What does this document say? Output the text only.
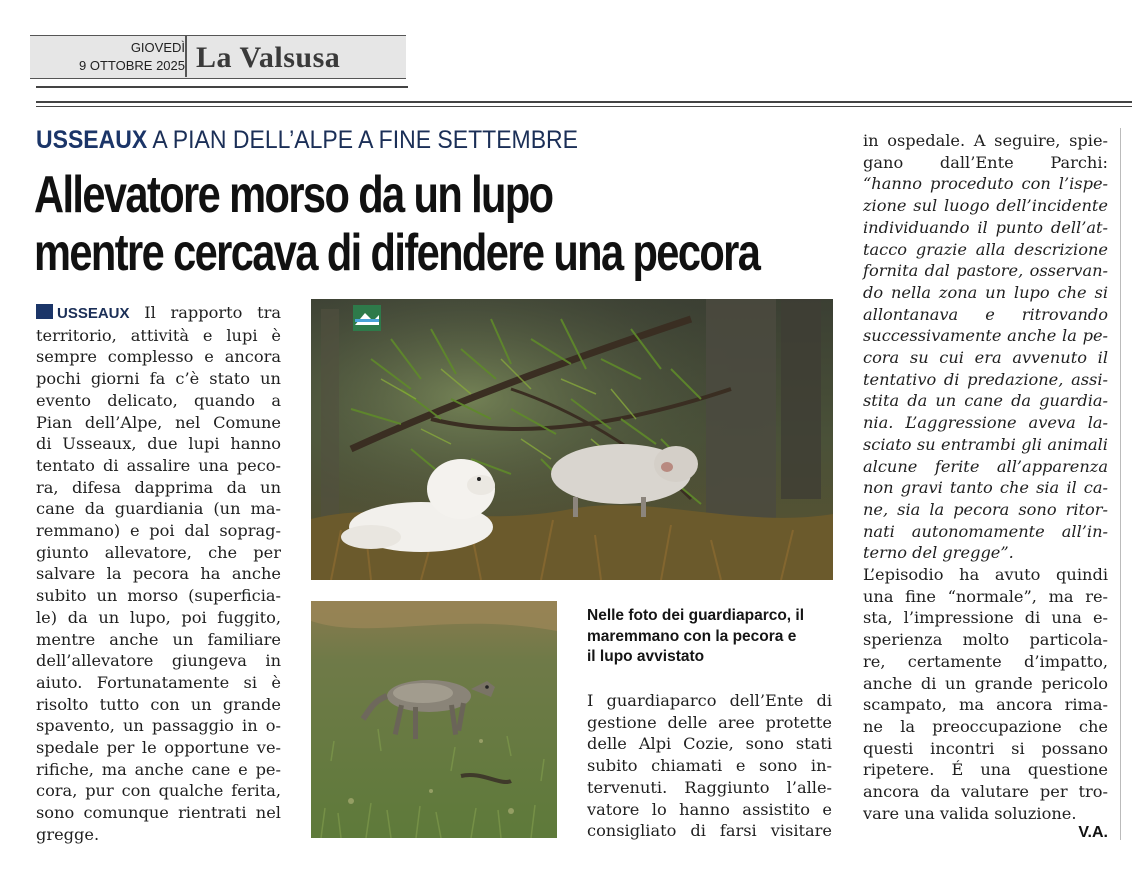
GIOVEDÌ
9 OTTOBRE 2025 La Valsusa
USSEAUX A PIAN DELL’ALPE A FINE SETTEMBRE
Allevatore morso da un lupo
mentre cercava di difendere una pecora
USSEAUX Il rapporto tra
territorio, attività e lupi è
sempre complesso e ancora
pochi giorni fa c’è stato un
evento delicato, quando a
Pian dell’Alpe, nel Comune
di Usseaux, due lupi hanno
tentato di assalire una peco-
ra, difesa dapprima da un
cane da guardiania (un ma-
remmano) e poi dal soprag-
giunto allevatore, che per
salvare la pecora ha anche
subito un morso (superficia-
le) da un lupo, poi fuggito,
mentre anche un familiare
dell’allevatore giungeva in
aiuto. Fortunatamente si è
risolto tutto con un grande
spavento, un passaggio in o-
spedale per le opportune ve-
rifiche, ma anche cane e pe-
cora, pur con qualche ferita,
sono comunque rientrati nel
gregge.

Nelle foto dei guardiaparco, il
maremmano con la pecora e
il lupo avvistato

I guardiaparco dell’Ente di
gestione delle aree protette
delle Alpi Cozie, sono stati
subito chiamati e sono in-
tervenuti. Raggiunto l’alle-
vatore lo hanno assistito e
consigliato di farsi visitare
in ospedale. A seguire, spie-
gano dall’Ente Parchi:
“hanno proceduto con l’ispe-
zione sul luogo dell’incidente
individuando il punto dell’at-
tacco grazie alla descrizione
fornita dal pastore, osservan-
do nella zona un lupo che si
allontanava e ritrovando
successivamente anche la pe-
cora su cui era avvenuto il
tentativo di predazione, assi-
stita da un cane da guardia-
nia. L’aggressione aveva la-
sciato su entrambi gli animali
alcune ferite all’apparenza
non gravi tanto che sia il ca-
ne, sia la pecora sono ritor-
nati autonomamente all’in-
terno del gregge”.
L’episodio ha avuto quindi
una fine “normale”, ma re-
sta, l’impressione di una e-
sperienza molto particola-
re, certamente d’impatto,
anche di un grande pericolo
scampato, ma ancora rima-
ne la preoccupazione che
questi incontri si possano
ripetere. É una questione
ancora da valutare per tro-
vare una valida soluzione.
V.A.
